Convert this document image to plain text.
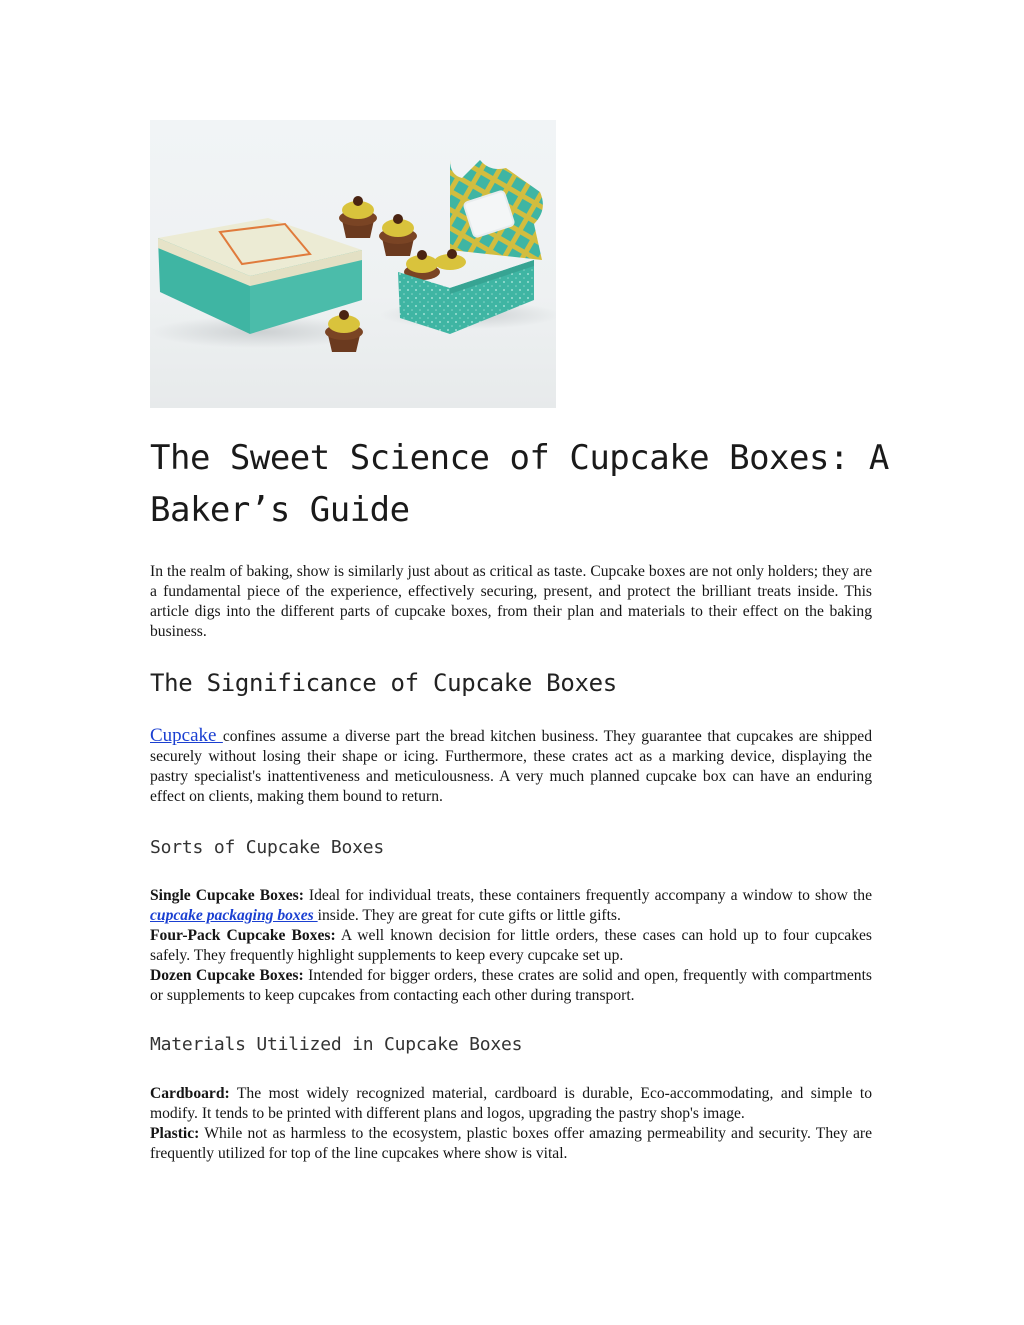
The Sweet Science of Cupcake Boxes: A Baker’s Guide

In the realm of baking, show is similarly just about as critical as taste. Cupcake boxes are not only holders; they are a fundamental piece of the experience, effectively securing, present, and protect the brilliant treats inside. This article digs into the different parts of cupcake boxes, from their plan and materials to their effect on the baking business.

The Significance of Cupcake Boxes

Cupcake confines assume a diverse part the bread kitchen business. They guarantee that cupcakes are shipped securely without losing their shape or icing. Furthermore, these crates act as a marking device, displaying the pastry specialist's inattentiveness and meticulousness. A very much planned cupcake box can have an enduring effect on clients, making them bound to return.

Sorts of Cupcake Boxes
Single Cupcake Boxes: Ideal for individual treats, these containers frequently accompany a window to show the cupcake packaging boxes inside. They are great for cute gifts or little gifts.
Four-Pack Cupcake Boxes: A well known decision for little orders, these cases can hold up to four cupcakes safely. They frequently highlight supplements to keep every cupcake set up.
Dozen Cupcake Boxes: Intended for bigger orders, these crates are solid and open, frequently with compartments or supplements to keep cupcakes from contacting each other during transport.
Materials Utilized in Cupcake Boxes
Cardboard: The most widely recognized material, cardboard is durable, Eco-accommodating, and simple to modify. It tends to be printed with different plans and logos, upgrading the pastry shop's image.
Plastic: While not as harmless to the ecosystem, plastic boxes offer amazing permeability and security. They are frequently utilized for top of the line cupcakes where show is vital.
